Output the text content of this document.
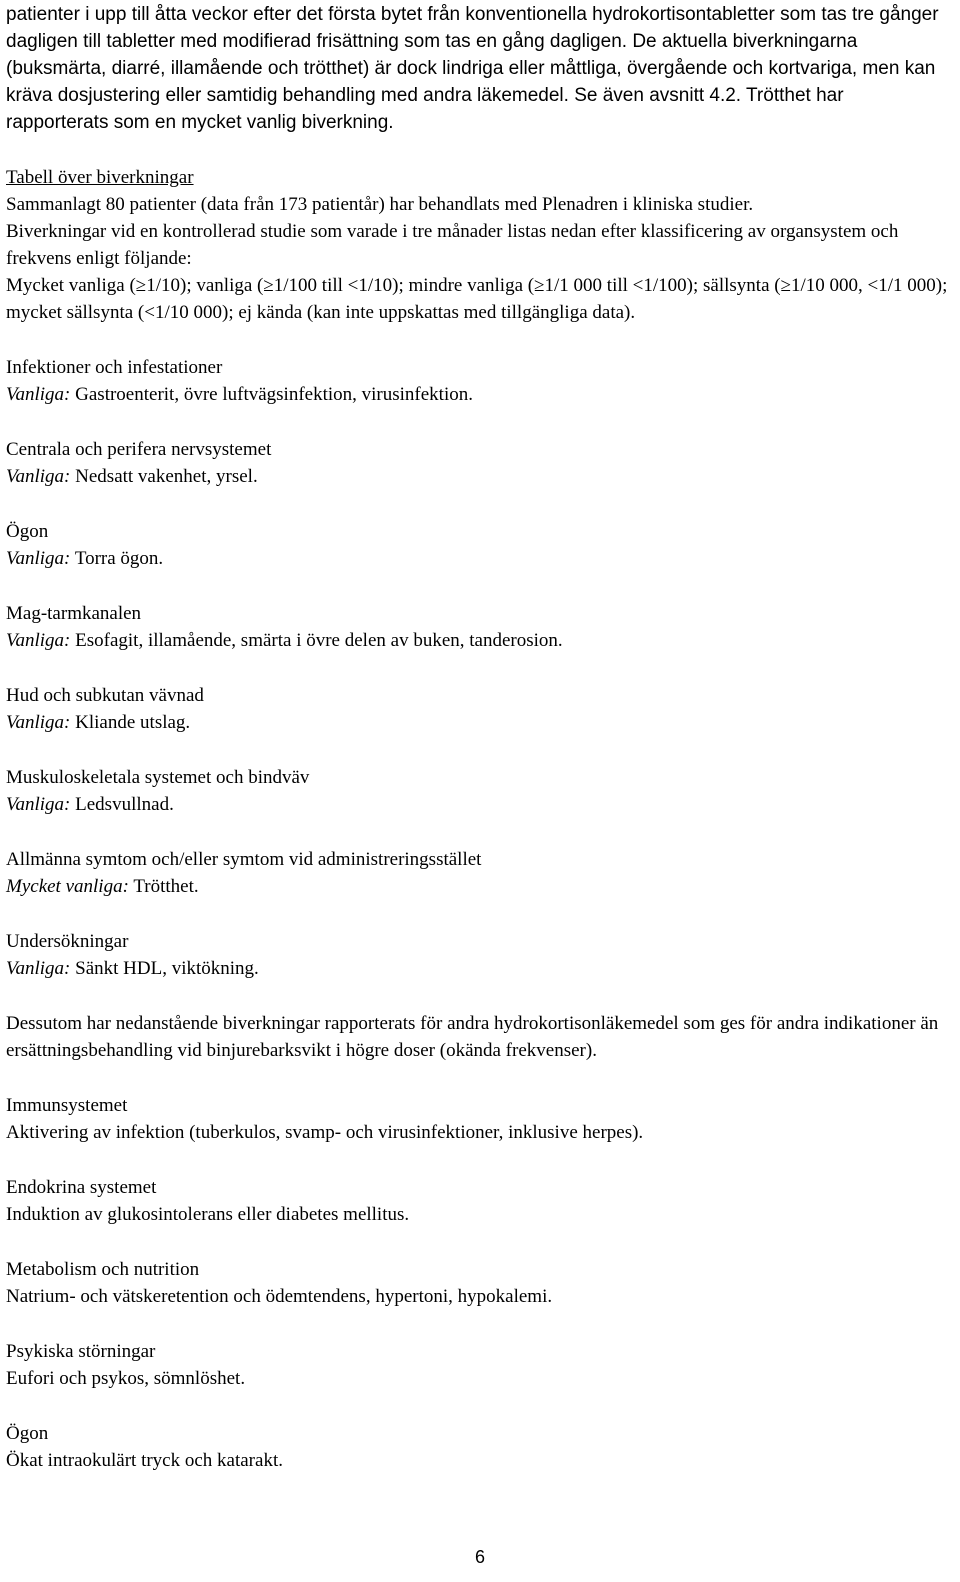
patienter i upp till åtta veckor efter det första bytet från konventionella hydrokortisontabletter som tas tre gånger dagligen till tabletter med modifierad frisättning som tas en gång dagligen. De aktuella biverkningarna (buksmärta, diarré, illamående och trötthet) är dock lindriga eller måttliga, övergående och kortvariga, men kan kräva dosjustering eller samtidig behandling med andra läkemedel. Se även avsnitt 4.2. Trötthet har rapporterats som en mycket vanlig biverkning.

Tabell över biverkningar

Sammanlagt 80 patienter (data från 173 patientår) har behandlats med Plenadren i kliniska studier.

Biverkningar vid en kontrollerad studie som varade i tre månader listas nedan efter klassificering av organsystem och frekvens enligt följande:

Mycket vanliga (≥1/10); vanliga (≥1/100 till <1/10); mindre vanliga (≥1/1 000 till <1/100); sällsynta (≥1/10 000, <1/1 000); mycket sällsynta (<1/10 000); ej kända (kan inte uppskattas med tillgängliga data).

Infektioner och infestationer

Vanliga: Gastroenterit, övre luftvägsinfektion, virusinfektion.

Centrala och perifera nervsystemet

Vanliga: Nedsatt vakenhet, yrsel.

Ögon

Vanliga: Torra ögon.

Mag-tarmkanalen

Vanliga: Esofagit, illamående, smärta i övre delen av buken, tanderosion.

Hud och subkutan vävnad

Vanliga: Kliande utslag.

Muskuloskeletala systemet och bindväv

Vanliga: Ledsvullnad.

Allmänna symtom och/eller symtom vid administreringsstället

Mycket vanliga: Trötthet.

Undersökningar

Vanliga: Sänkt HDL, viktökning.

Dessutom har nedanstående biverkningar rapporterats för andra hydrokortisonläkemedel som ges för andra indikationer än ersättningsbehandling vid binjurebarksvikt i högre doser (okända frekvenser).

Immunsystemet

Aktivering av infektion (tuberkulos, svamp- och virusinfektioner, inklusive herpes).

Endokrina systemet

Induktion av glukosintolerans eller diabetes mellitus.

Metabolism och nutrition

Natrium- och vätskeretention och ödemtendens, hypertoni, hypokalemi.

Psykiska störningar

Eufori och psykos, sömnlöshet.

Ögon

Ökat intraokulärt tryck och katarakt.

6
